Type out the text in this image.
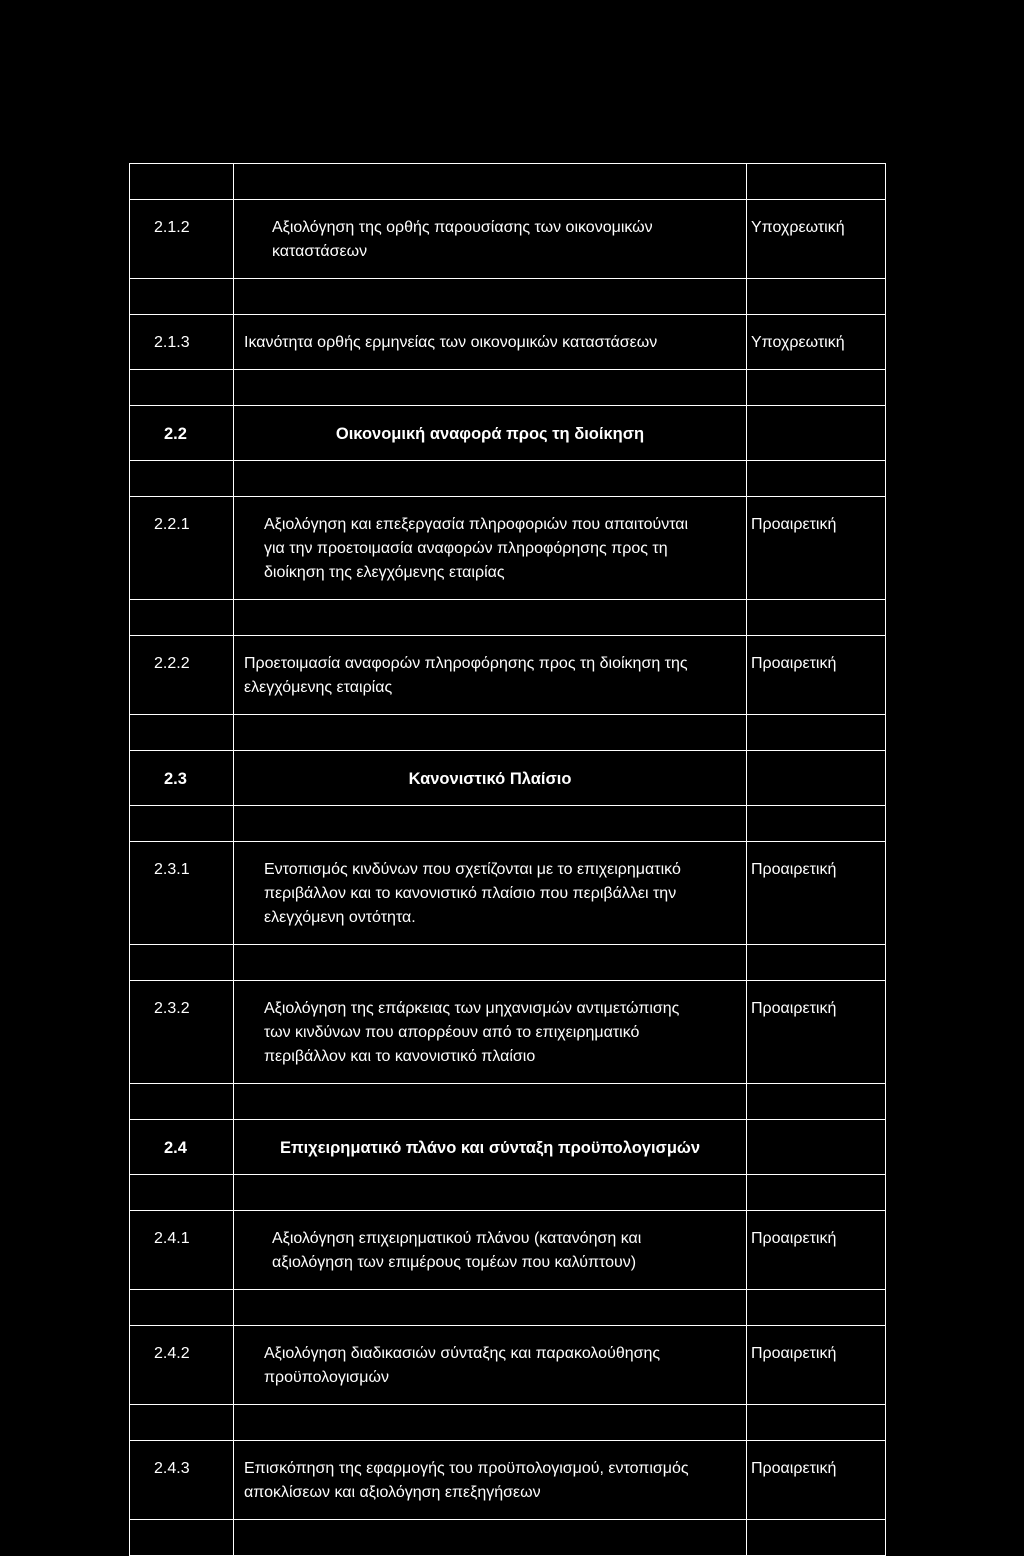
2.1.2	Αξιολόγηση της ορθής παρουσίασης των οικονομικών
καταστάσεων	Υποχρεωτική

2.1.3	Ικανότητα ορθής ερμηνείας των οικονομικών καταστάσεων	Υποχρεωτική

2.2	Οικονομική αναφορά προς τη διοίκηση	

2.2.1	Αξιολόγηση και επεξεργασία πληροφοριών που απαιτούνται
για την προετοιμασία αναφορών πληροφόρησης προς τη
διοίκηση της ελεγχόμενης εταιρίας	Προαιρετική

2.2.2	Προετοιμασία αναφορών πληροφόρησης προς τη διοίκηση της
ελεγχόμενης εταιρίας	Προαιρετική

2.3	Κανονιστικό Πλαίσιο	

2.3.1	Εντοπισμός κινδύνων που σχετίζονται με το επιχειρηματικό
περιβάλλον και το κανονιστικό πλαίσιο που περιβάλλει την
ελεγχόμενη οντότητα.	Προαιρετική

2.3.2	Αξιολόγηση της επάρκειας των μηχανισμών αντιμετώπισης
των κινδύνων που απορρέουν από το επιχειρηματικό
περιβάλλον και το κανονιστικό πλαίσιο	Προαιρετική

2.4	Επιχειρηματικό πλάνο και σύνταξη προϋπολογισμών	

2.4.1	Αξιολόγηση επιχειρηματικού πλάνου (κατανόηση και
αξιολόγηση των επιμέρους τομέων που καλύπτουν)	Προαιρετική

2.4.2	Αξιολόγηση διαδικασιών σύνταξης και παρακολούθησης
προϋπολογισμών	Προαιρετική

2.4.3	Επισκόπηση της εφαρμογής του προϋπολογισμού, εντοπισμός
αποκλίσεων και αξιολόγηση επεξηγήσεων	Προαιρετική
